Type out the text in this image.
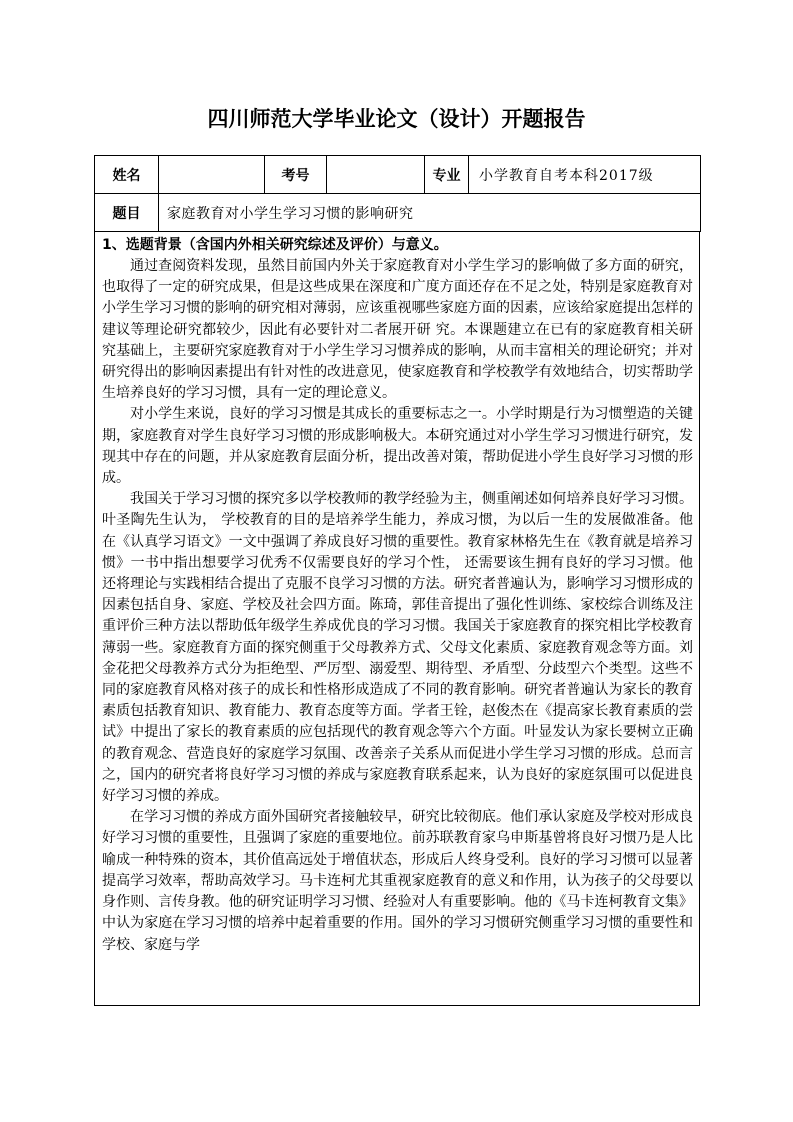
四川师范大学毕业论文（设计）开题报告
姓名		考号		专业	小学教育自考本科2017级
题目	家庭教育对小学生学习习惯的影响研究				

1、选题背景（含国内外相关研究综述及评价）与意义。

通过查阅资料发现，虽然目前国内外关于家庭教育对小学生学习的影响做了多方面的研究，也取得了一定的研究成果，但是这些成果在深度和广度方面还存在不足之处，特别是家庭教育对小学生学习习惯的影响的研究相对薄弱，应该重视哪些家庭方面的因素，应该给家庭提出怎样的建议等理论研究都较少，因此有必要针对二者展开研 究。本课题建立在已有的家庭教育相关研究基础上，主要研究家庭教育对于小学生学习习惯养成的影响，从而丰富相关的理论研究；并对研究得出的影响因素提出有针对性的改进意见，使家庭教育和学校教学有效地结合，切实帮助学生培养良好的学习习惯，具有一定的理论意义。

对小学生来说，良好的学习习惯是其成长的重要标志之一。小学时期是行为习惯塑造的关键期，家庭教育对学生良好学习习惯的形成影响极大。本研究通过对小学生学习习惯进行研究，发现其中存在的问题，并从家庭教育层面分析，提出改善对策，帮助促进小学生良好学习习惯的形成。

我国关于学习习惯的探究多以学校教师的教学经验为主，侧重阐述如何培养良好学习习惯。叶圣陶先生认为， 学校教育的目的是培养学生能力，养成习惯，为以后一生的发展做准备。他在《认真学习语文》一文中强调了养成良好习惯的重要性。教育家林格先生在《教育就是培养习惯》一书中指出想要学习优秀不仅需要良好的学习个性， 还需要该生拥有良好的学习习惯。他还将理论与实践相结合提出了克服不良学习习惯的方法。研究者普遍认为，影响学习习惯形成的因素包括自身、家庭、学校及社会四方面。陈琦，郭佳音提出了强化性训练、家校综合训练及注重评价三种方法以帮助低年级学生养成优良的学习习惯。我国关于家庭教育的探究相比学校教育薄弱一些。家庭教育方面的探究侧重于父母教养方式、父母文化素质、家庭教育观念等方面。刘金花把父母教养方式分为拒绝型、严厉型、溺爱型、期待型、矛盾型、分歧型六个类型。这些不同的家庭教育风格对孩子的成长和性格形成造成了不同的教育影响。研究者普遍认为家长的教育素质包括教育知识、教育能力、教育态度等方面。学者王铨，赵俊杰在《提高家长教育素质的尝试》中提出了家长的教育素质的应包括现代的教育观念等六个方面。叶显发认为家长要树立正确的教育观念、营造良好的家庭学习氛围、改善亲子关系从而促进小学生学习习惯的形成。总而言之，国内的研究者将良好学习习惯的养成与家庭教育联系起来，认为良好的家庭氛围可以促进良好学习习惯的养成。

在学习习惯的养成方面外国研究者接触较早，研究比较彻底。他们承认家庭及学校对形成良好学习习惯的重要性，且强调了家庭的重要地位。前苏联教育家乌申斯基曾将良好习惯乃是人比喻成一种特殊的资本，其价值高远处于增值状态，形成后人终身受利。良好的学习习惯可以显著提高学习效率，帮助高效学习。马卡连柯尤其重视家庭教育的意义和作用，认为孩子的父母要以身作则、言传身教。他的研究证明学习习惯、经验对人有重要影响。他的《马卡连柯教育文集》中认为家庭在学习习惯的培养中起着重要的作用。国外的学习习惯研究侧重学习习惯的重要性和学校、家庭与学
